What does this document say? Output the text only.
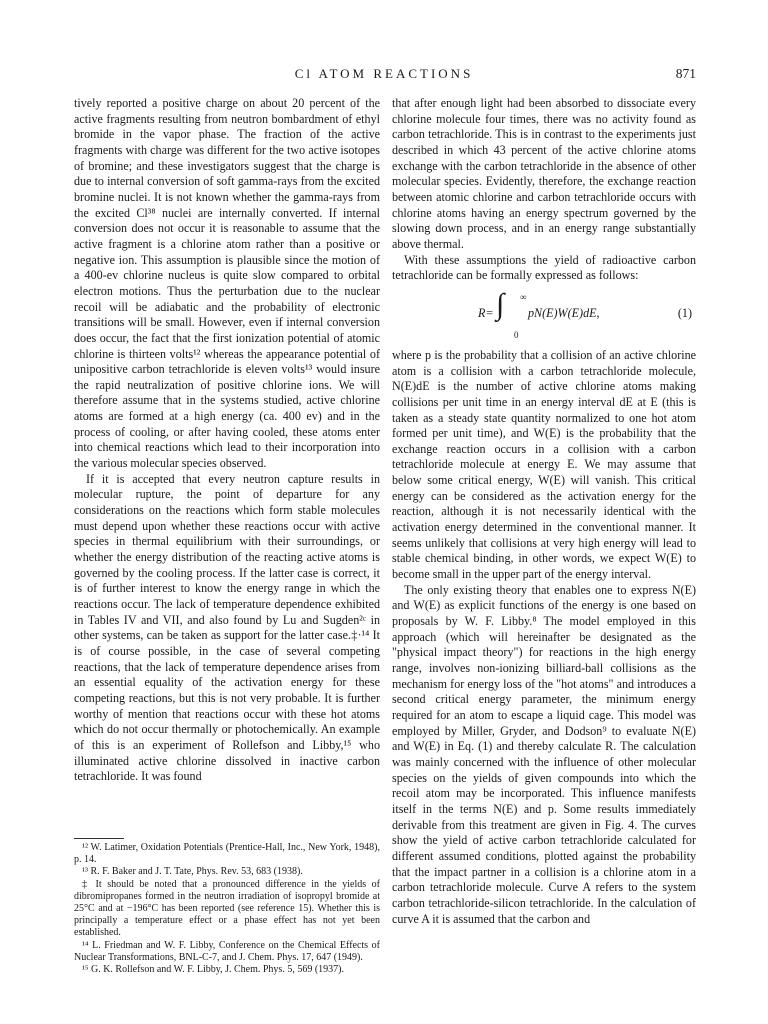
Cl ATOM REACTIONS	871

tively reported a positive charge on about 20 percent of the active fragments resulting from neutron bombardment of ethyl bromide in the vapor phase. The fraction of the active fragments with charge was different for the two active isotopes of bromine; and these investigators suggest that the charge is due to internal conversion of soft gamma-rays from the excited bromine nuclei. It is not known whether the gamma-rays from the excited Cl³⁸ nuclei are internally converted. If internal conversion does not occur it is reasonable to assume that the active fragment is a chlorine atom rather than a positive or negative ion. This assumption is plausible since the motion of a 400-ev chlorine nucleus is quite slow compared to orbital electron motions. Thus the perturbation due to the nuclear recoil will be adiabatic and the probability of electronic transitions will be small. However, even if internal conversion does occur, the fact that the first ionization potential of atomic chlorine is thirteen volts¹² whereas the appearance potential of unipositive carbon tetrachloride is eleven volts¹³ would insure the rapid neutralization of positive chlorine ions. We will therefore assume that in the systems studied, active chlorine atoms are formed at a high energy (ca. 400 ev) and in the process of cooling, or after having cooled, these atoms enter into chemical reactions which lead to their incorporation into the various molecular species observed.

If it is accepted that every neutron capture results in molecular rupture, the point of departure for any considerations on the reactions which form stable molecules must depend upon whether these reactions occur with active species in thermal equilibrium with their surroundings, or whether the energy distribution of the reacting active atoms is governed by the cooling process. If the latter case is correct, it is of further interest to know the energy range in which the reactions occur. The lack of temperature dependence exhibited in Tables IV and VII, and also found by Lu and Sugden²ᶜ in other systems, can be taken as support for the latter case.‡·¹⁴ It is of course possible, in the case of several competing reactions, that the lack of temperature dependence arises from an essential equality of the activation energy for these competing reactions, but this is not very probable. It is further worthy of mention that reactions occur with these hot atoms which do not occur thermally or photochemically. An example of this is an experiment of Rollefson and Libby,¹⁵ who illuminated active chlorine dissolved in inactive carbon tetrachloride. It was found

¹² W. Latimer, Oxidation Potentials (Prentice-Hall, Inc., New York, 1948), p. 14.

¹³ R. F. Baker and J. T. Tate, Phys. Rev. 53, 683 (1938).

‡ It should be noted that a pronounced difference in the yields of dibromipropanes formed in the neutron irradiation of isopropyl bromide at 25°C and at −196°C has been reported (see reference 15). Whether this is principally a temperature effect or a phase effect has not yet been established.

¹⁴ L. Friedman and W. F. Libby, Conference on the Chemical Effects of Nuclear Transformations, BNL-C-7, and J. Chem. Phys. 17, 647 (1949).

¹⁵ G. K. Rollefson and W. F. Libby, J. Chem. Phys. 5, 569 (1937).

that after enough light had been absorbed to dissociate every chlorine molecule four times, there was no activity found as carbon tetrachloride. This is in contrast to the experiments just described in which 43 percent of the active chlorine atoms exchange with the carbon tetrachloride in the absence of other molecular species. Evidently, therefore, the exchange reaction between atomic chlorine and carbon tetrachloride occurs with chlorine atoms having an energy spectrum governed by the slowing down process, and in an energy range substantially above thermal.

With these assumptions the yield of radioactive carbon tetrachloride can be formally expressed as follows:

R= ∫ ∞
0
pN(E)W(E)dE,	(1)

where p is the probability that a collision of an active chlorine atom is a collision with a carbon tetrachloride molecule, N(E)dE is the number of active chlorine atoms making collisions per unit time in an energy interval dE at E (this is taken as a steady state quantity normalized to one hot atom formed per unit time), and W(E) is the probability that the exchange reaction occurs in a collision with a carbon tetrachloride molecule at energy E. We may assume that below some critical energy, W(E) will vanish. This critical energy can be considered as the activation energy for the reaction, although it is not necessarily identical with the activation energy determined in the conventional manner. It seems unlikely that collisions at very high energy will lead to stable chemical binding, in other words, we expect W(E) to become small in the upper part of the energy interval.

The only existing theory that enables one to express N(E) and W(E) as explicit functions of the energy is one based on proposals by W. F. Libby.⁸ The model employed in this approach (which will hereinafter be designated as the "physical impact theory") for reactions in the high energy range, involves non-ionizing billiard-ball collisions as the mechanism for energy loss of the "hot atoms" and introduces a second critical energy parameter, the minimum energy required for an atom to escape a liquid cage. This model was employed by Miller, Gryder, and Dodson⁹ to evaluate N(E) and W(E) in Eq. (1) and thereby calculate R. The calculation was mainly concerned with the influence of other molecular species on the yields of given compounds into which the recoil atom may be incorporated. This influence manifests itself in the terms N(E) and p. Some results immediately derivable from this treatment are given in Fig. 4. The curves show the yield of active carbon tetrachloride calculated for different assumed conditions, plotted against the probability that the impact partner in a collision is a chlorine atom in a carbon tetrachloride molecule. Curve A refers to the system carbon tetrachloride-silicon tetrachloride. In the calculation of curve A it is assumed that the carbon and
